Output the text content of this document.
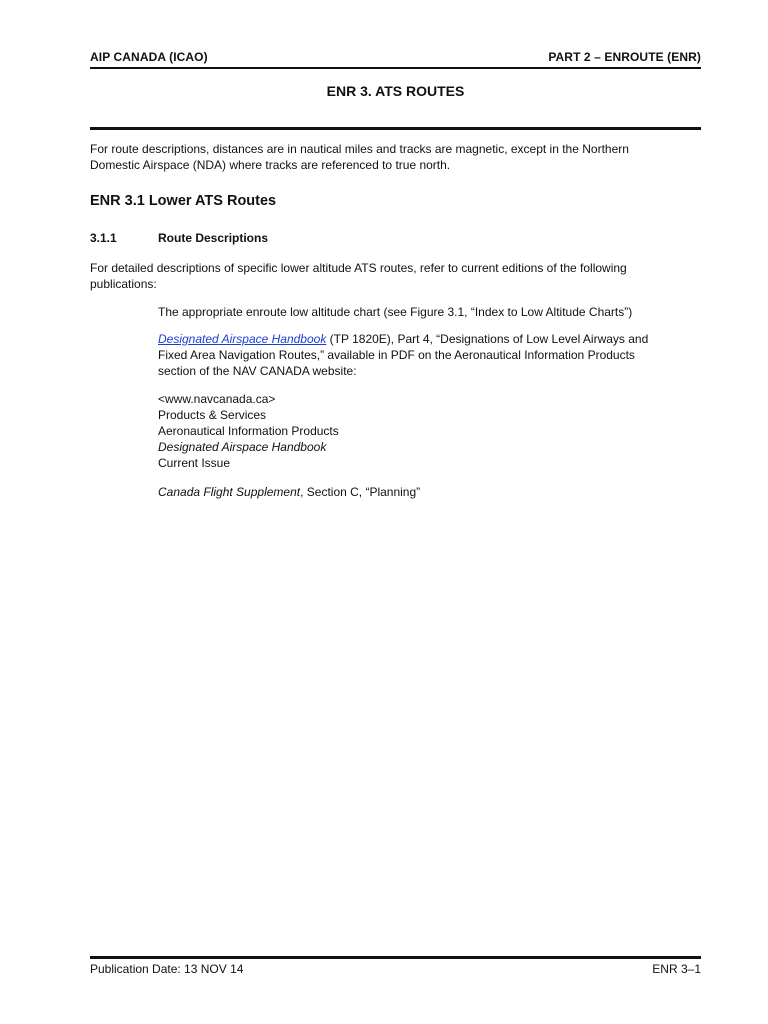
AIP CANADA (ICAO)	PART 2 – ENROUTE (ENR)
ENR 3. ATS ROUTES
For route descriptions, distances are in nautical miles and tracks are magnetic, except in the Northern
Domestic Airspace (NDA) where tracks are referenced to true north.
ENR 3.1 Lower ATS Routes
3.1.1	Route Descriptions
For detailed descriptions of specific lower altitude ATS routes, refer to current editions of the following
publications:
The appropriate enroute low altitude chart (see Figure 3.1, “Index to Low Altitude Charts”)
Designated Airspace Handbook (TP 1820E), Part 4, “Designations of Low Level Airways and
Fixed Area Navigation Routes,” available in PDF on the Aeronautical Information Products
section of the NAV CANADA website:
<www.navcanada.ca>
Products & Services
Aeronautical Information Products
Designated Airspace Handbook
Current Issue
Canada Flight Supplement, Section C, “Planning”
Publication Date: 13 NOV 14	ENR 3–1
